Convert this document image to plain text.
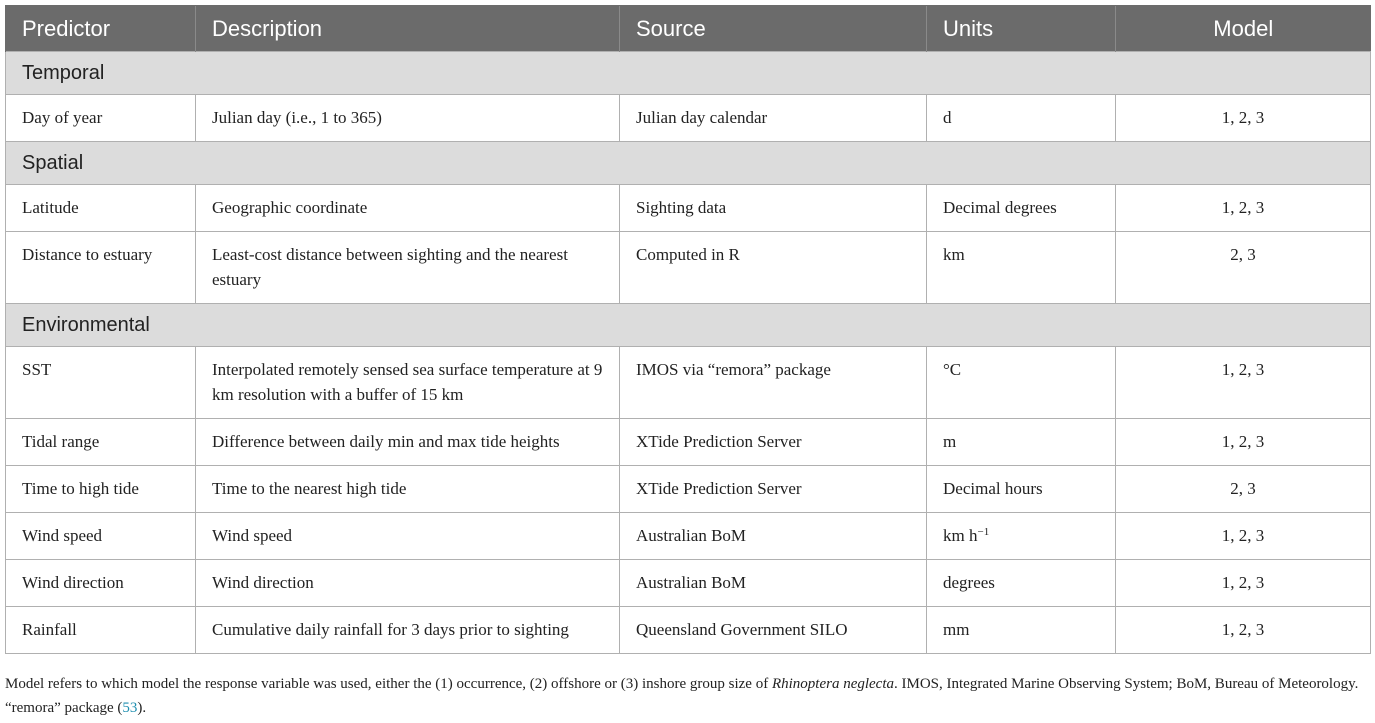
Predictor	Description	Source	Units	Model
Temporal				
Day of year	Julian day (i.e., 1 to 365)	Julian day calendar	d	1, 2, 3
Spatial				
Latitude	Geographic coordinate	Sighting data	Decimal degrees	1, 2, 3
Distance to estuary	Least-cost distance between sighting and the nearest estuary	Computed in R	km	2, 3
Environmental				
SST	Interpolated remotely sensed sea surface temperature at 9 km resolution with a buffer of 15 km	IMOS via “remora” package	°C	1, 2, 3
Tidal range	Difference between daily min and max tide heights	XTide Prediction Server	m	1, 2, 3
Time to high tide	Time to the nearest high tide	XTide Prediction Server	Decimal hours	2, 3
Wind speed	Wind speed	Australian BoM	km $h^{-1}$	1, 2, 3
Wind direction	Wind direction	Australian BoM	degrees	1, 2, 3
Rainfall	Cumulative daily rainfall for 3 days prior to sighting	Queensland Government SILO	mm	1, 2, 3
Model refers to which model the response variable was used, either the (1) occurrence, (2) offshore or (3) inshore group size of Rhinoptera neglecta. IMOS, Integrated Marine Observing System; BoM, Bureau of Meteorology. “remora” package (53).
